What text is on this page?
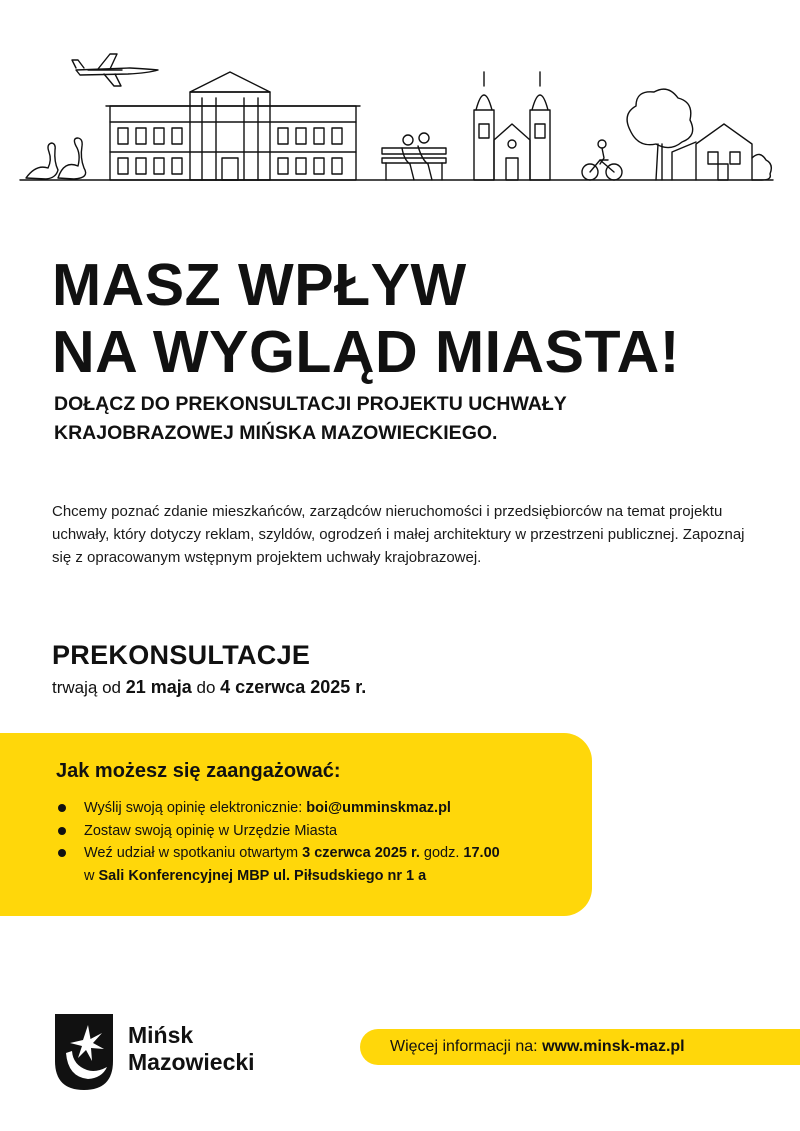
MASZ WPŁYW
NA WYGLĄD MIASTA!
DOŁĄCZ DO PREKONSULTACJI PROJEKTU UCHWAŁY
KRAJOBRAZOWEJ MIŃSKA MAZOWIECKIEGO.

Chcemy poznać zdanie mieszkańców, zarządców nieruchomości i przedsiębiorców na temat projektu uchwały, który dotyczy reklam, szyldów, ogrodzeń i małej architektury w przestrzeni publicznej. Zapoznaj się z opracowanym wstępnym projektem uchwały krajobrazowej.

PREKONSULTACJE

trwają od 21 maja do 4 czerwca 2025 r.

Jak możesz się zaangażować:
Wyślij swoją opinię elektronicznie: boi@umminskmaz.pl
Zostaw swoją opinię w Urzędzie Miasta
Weź udział w spotkaniu otwartym 3 czerwca 2025 r. godz. 17.00
w Sali Konferencyjnej MBP ul. Piłsudskiego nr 1 a
Mińsk
Mazowiecki

Więcej informacji na: www.minsk-maz.pl
